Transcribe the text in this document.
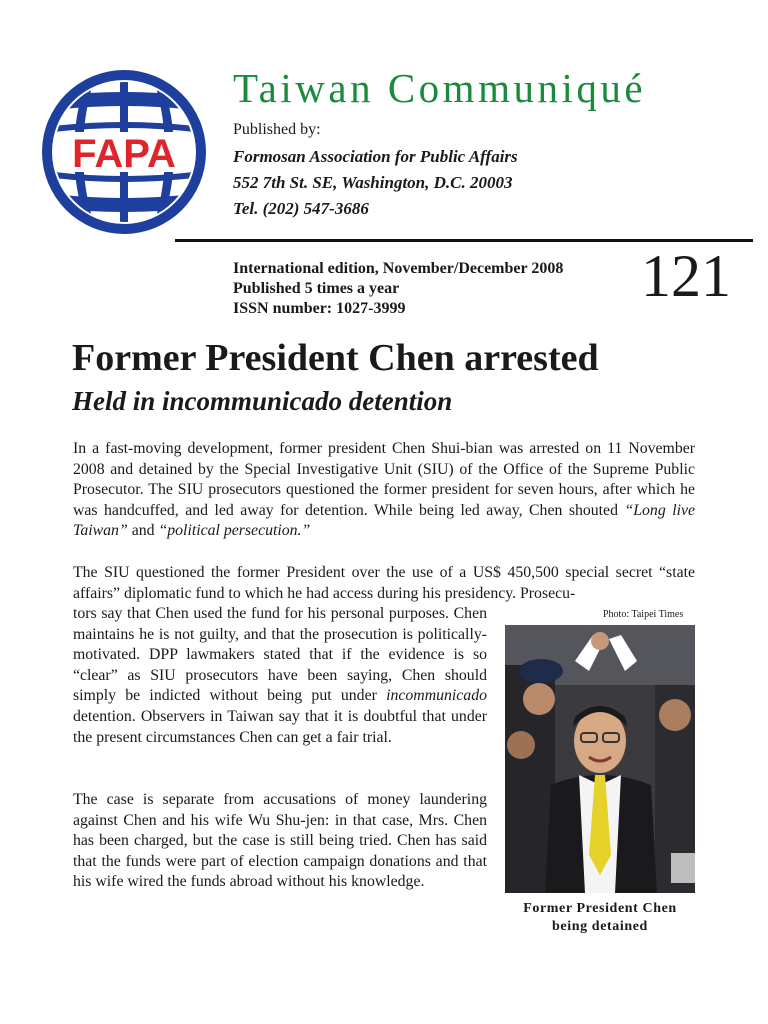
FAPA
Taiwan Communiqué
Published by:
Formosan Association for Public Affairs
552 7th St. SE, Washington, D.C. 20003
Tel. (202) 547-3686
International edition, November/December 2008
Published 5 times a year
ISSN number: 1027-3999	121
Former President Chen arrested
Held in incommunicado detention
In a fast-moving development, former president Chen Shui-bian was arrested on 11 November 2008 and detained by the Special Investigative Unit (SIU) of the Office of the Supreme Public Prosecutor. The SIU prosecutors questioned the former president for seven hours, after which he was handcuffed, and led away for detention. While being led away, Chen shouted “Long live Taiwan” and “political persecution.”
The SIU questioned the former President over the use of a US$ 450,500 special secret “state affairs” diplomatic fund to which he had access during his presidency. Prosecu-
tors say that Chen used the fund for his personal purposes. Chen maintains he is not guilty, and that the prosecution is politically-motivated. DPP lawmakers stated that if the evidence is so “clear” as SIU prosecutors have been saying, Chen should simply be indicted without being put under incommunicado detention. Observers in Taiwan say that it is doubtful that under the present circumstances Chen can get a fair trial.
The case is separate from accusations of money laundering against Chen and his wife Wu Shu-jen: in that case, Mrs. Chen has been charged, but the case is still being tried. Chen has said that the funds were part of election campaign donations and that his wife wired the funds abroad without his knowledge.
Photo: Taipei Times
Former President Chen being detained
